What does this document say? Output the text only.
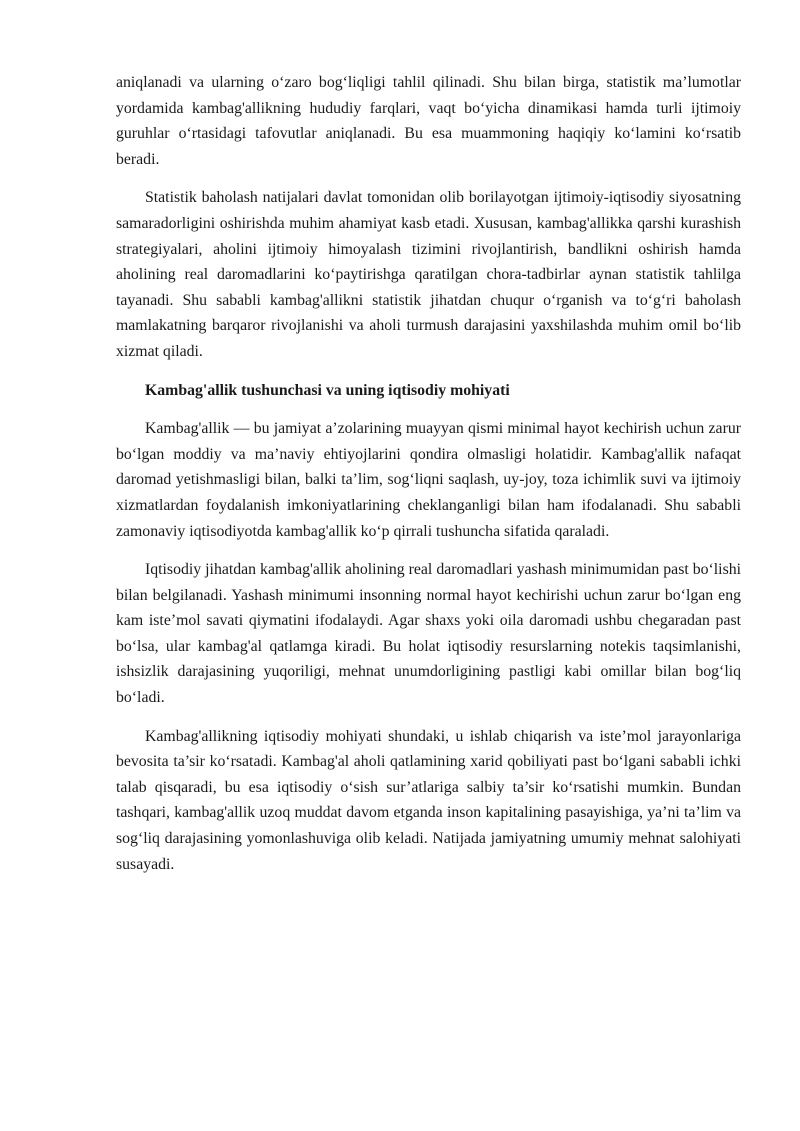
aniqlanadi va ularning o‘zaro bog‘liqligi tahlil qilinadi. Shu bilan birga, statistik ma’lumotlar yordamida kambag'allikning hududiy farqlari, vaqt bo‘yicha dinamikasi hamda turli ijtimoiy guruhlar o‘rtasidagi tafovutlar aniqlanadi. Bu esa muammoning haqiqiy ko‘lamini ko‘rsatib beradi.

Statistik baholash natijalari davlat tomonidan olib borilayotgan ijtimoiy-iqtisodiy siyosatning samaradorligini oshirishda muhim ahamiyat kasb etadi. Xususan, kambag'allikka qarshi kurashish strategiyalari, aholini ijtimoiy himoyalash tizimini rivojlantirish, bandlikni oshirish hamda aholining real daromadlarini ko‘paytirishga qaratilgan chora-tadbirlar aynan statistik tahlilga tayanadi. Shu sababli kambag'allikni statistik jihatdan chuqur o‘rganish va to‘g‘ri baholash mamlakatning barqaror rivojlanishi va aholi turmush darajasini yaxshilashda muhim omil bo‘lib xizmat qiladi.

Kambag'allik tushunchasi va uning iqtisodiy mohiyati

Kambag'allik — bu jamiyat a’zolarining muayyan qismi minimal hayot kechirish uchun zarur bo‘lgan moddiy va ma’naviy ehtiyojlarini qondira olmasligi holatidir. Kambag'allik nafaqat daromad yetishmasligi bilan, balki ta’lim, sog‘liqni saqlash, uy-joy, toza ichimlik suvi va ijtimoiy xizmatlardan foydalanish imkoniyatlarining cheklanganligi bilan ham ifodalanadi. Shu sababli zamonaviy iqtisodiyotda kambag'allik ko‘p qirrali tushuncha sifatida qaraladi.

Iqtisodiy jihatdan kambag'allik aholining real daromadlari yashash minimumidan past bo‘lishi bilan belgilanadi. Yashash minimumi insonning normal hayot kechirishi uchun zarur bo‘lgan eng kam iste’mol savati qiymatini ifodalaydi. Agar shaxs yoki oila daromadi ushbu chegaradan past bo‘lsa, ular kambag'al qatlamga kiradi. Bu holat iqtisodiy resurslarning notekis taqsimlanishi, ishsizlik darajasining yuqoriligi, mehnat unumdorligining pastligi kabi omillar bilan bog‘liq bo‘ladi.

Kambag'allikning iqtisodiy mohiyati shundaki, u ishlab chiqarish va iste’mol jarayonlariga bevosita ta’sir ko‘rsatadi. Kambag'al aholi qatlamining xarid qobiliyati past bo‘lgani sababli ichki talab qisqaradi, bu esa iqtisodiy o‘sish sur’atlariga salbiy ta’sir ko‘rsatishi mumkin. Bundan tashqari, kambag'allik uzoq muddat davom etganda inson kapitalining pasayishiga, ya’ni ta’lim va sog‘liq darajasining yomonlashuviga olib keladi. Natijada jamiyatning umumiy mehnat salohiyati susayadi.
